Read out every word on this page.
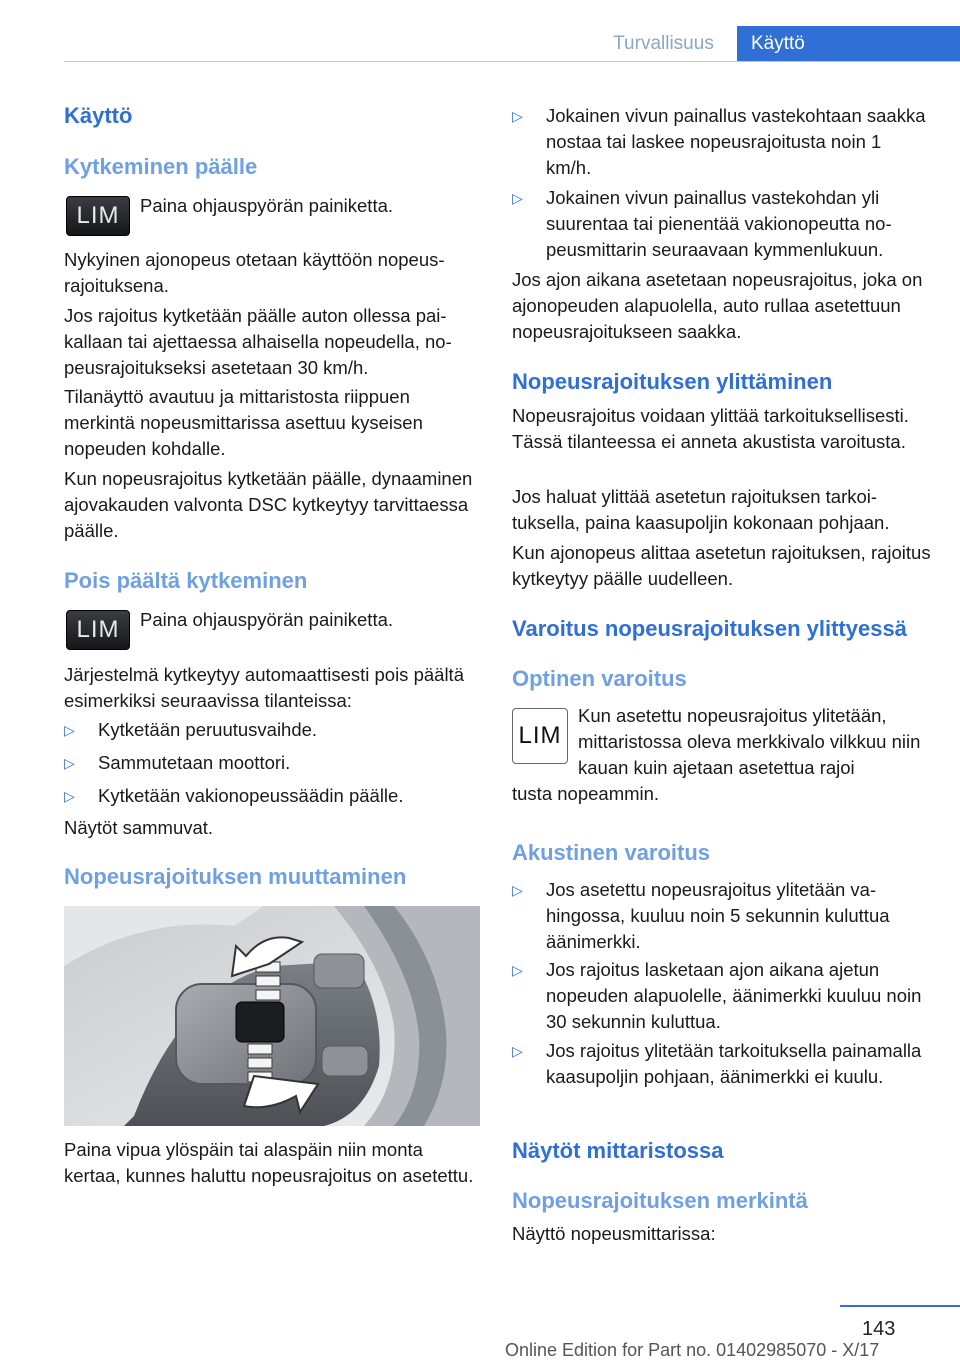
Turvallisuus	Käyttö
Käyttö
Kytkeminen päälle
LIM Paina ohjauspyörän painiketta.

Nykyinen ajonopeus otetaan käyttöön nopeusrajoituksena.

Jos rajoitus kytketään päälle auton ollessa paikallaan tai ajettaessa alhaisella nopeudella, nopeusrajoitukseksi asetetaan 30 km/h.

Tilanäyttö avautuu ja mittaristosta riippuen merkintä nopeusmittarissa asettuu kyseisen nopeuden kohdalle.

Kun nopeusrajoitus kytketään päälle, dynaaminen ajovakauden valvonta DSC kytkeytyy tarvittaessa päälle.

Pois päältä kytkeminen
LIM Paina ohjauspyörän painiketta.

Järjestelmä kytkeytyy automaattisesti pois päältä esimerkiksi seuraavissa tilanteissa:

▷ Kytketään peruutusvaihde.
▷ Sammutetaan moottori.
▷ Kytketään vakionopeussäädin päälle.

Näytöt sammuvat.

Nopeusrajoituksen muuttaminen

Paina vipua ylöspäin tai alaspäin niin monta kertaa, kunnes haluttu nopeusrajoitus on asetettu.

▷ Jokainen vivun painallus vastekohtaan saakka nostaa tai laskee nopeusrajoitusta noin 1 km/h.
▷ Jokainen vivun painallus vastekohdan yli suurentaa tai pienentää vakionopeutta nopeusmittarin seuraavaan kymmenlukuun.

Jos ajon aikana asetetaan nopeusrajoitus, joka on ajonopeuden alapuolella, auto rullaa asetettuun nopeusrajoitukseen saakka.

Nopeusrajoituksen ylittäminen

Nopeusrajoitus voidaan ylittää tarkoituksellisesti. Tässä tilanteessa ei anneta akustista varoitusta.

Jos haluat ylittää asetetun rajoituksen tarkoituksella, paina kaasupoljin kokonaan pohjaan.

Kun ajonopeus alittaa asetetun rajoituksen, rajoitus kytkeytyy päälle uudelleen.

Varoitus nopeusrajoituksen ylittyessä
Optinen varoitus
LIM

Kun asetettu nopeusrajoitus ylitetään, mittaristossa oleva merkkivalo vilkkuu niin kauan kuin ajetaan asetettua rajoi

tusta nopeammin.

Akustinen varoitus
▷ Jos asetettu nopeusrajoitus ylitetään vahingossa, kuuluu noin 5 sekunnin kuluttua äänimerkki.
▷ Jos rajoitus lasketaan ajon aikana ajetun nopeuden alapuolelle, äänimerkki kuuluu noin 30 sekunnin kuluttua.
▷ Jos rajoitus ylitetään tarkoituksella painamalla kaasupoljin pohjaan, äänimerkki ei kuulu.
Näytöt mittaristossa
Nopeusrajoituksen merkintä

Näyttö nopeusmittarissa:

143
Online Edition for Part no. 01402985070 - X/17
